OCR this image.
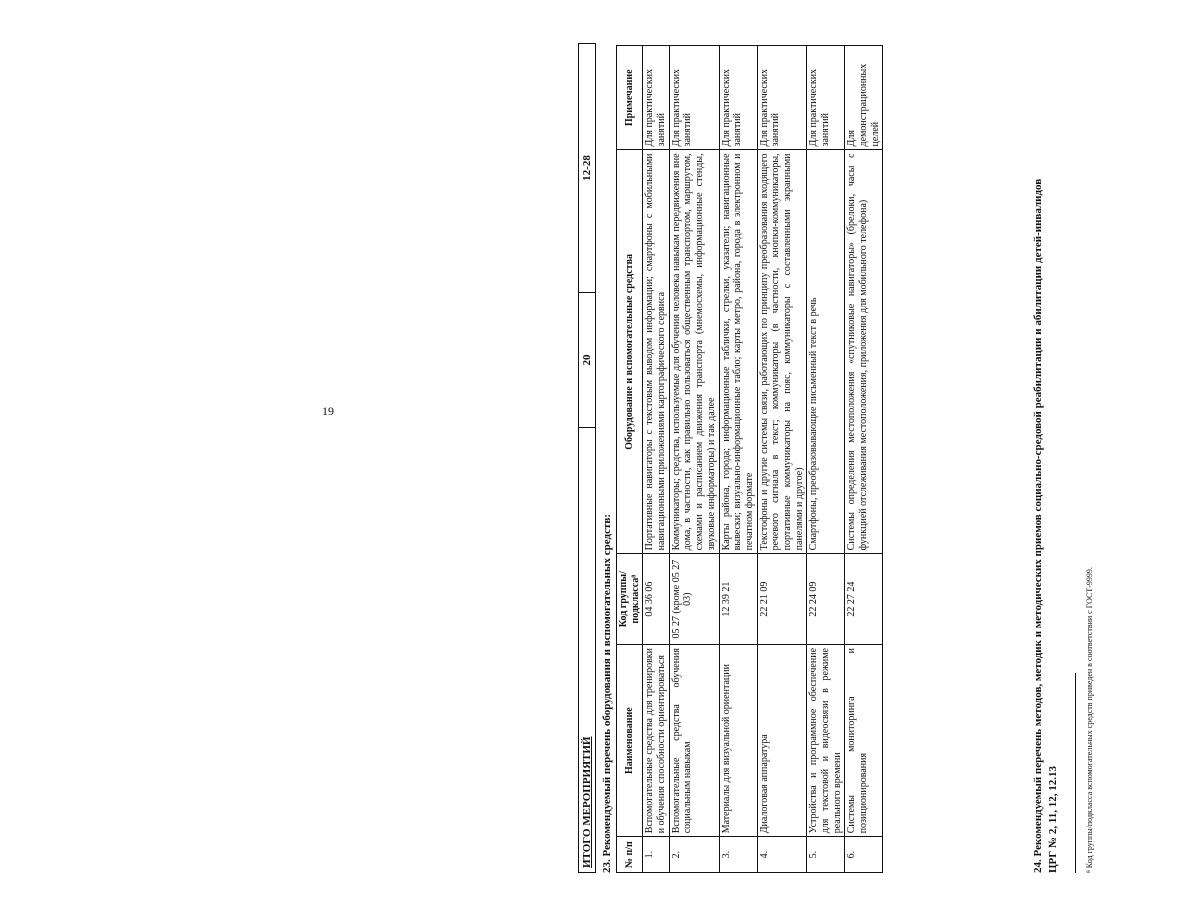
19
ИТОГО МЕРОПРИЯТИЙ	20	12-28
23. Рекомендуемый перечень оборудования и вспомогательных средств: № п/п	Наименование	Код группы/ подкласса⁸	Оборудование и вспомогательные средства	Примечание
1.	Вспомогательные средства для тренировки и обучения способности ориентироваться	04 36 06	Портативные навигаторы с текстовым выводом информации; смартфоны с мобильными навигационными приложениями картографического сервиса	Для практических занятий
2.	Вспомогательные средства обучения социальным навыкам	05 27 (кроме 05 27 03)	Коммуникаторы; средства, используемые для обучения человека навыкам передвижения вне дома, в частности, как правильно пользоваться общественным транспортом, маршрутом, схемами и расписанием движения транспорта (мнемосхемы, информационные стенды, звуковые информаторы) и так далее	Для практических занятий
3.	Материалы для визуальной ориентации	12 39 21	Карты района, города; информационные таблички, стрелки, указатели; навигационные вывески; визуально-информационные табло; карты метро, района, города в электронном и печатном формате	Для практических занятий
4.	Диалоговая аппаратура	22 21 09	Текстофоны и другие системы связи, работающих по принципу преобразования входящего речевого сигнала в текст; коммуникаторы (в частности, кнопки-коммуникаторы, портативные коммуникаторы на пояс, коммуникаторы с составленными экранными панелями и другое)	Для практических занятий
5.	Устройства и программное обеспечение для текстовой и видеосвязи в режиме реального времени	22 24 09	Смартфоны, преобразовывающие письменный текст в речь	Для практических занятий
6.	Системы мониторинга и позиционирования	22 27 24	Системы определения местоположения «спутниковые навигаторы» (брелоки, часы с функцией отслеживания местоположения, приложения для мобильного телефона)	Для демонстрационных целей
24. Рекомендуемый перечень методов, методик и методических приемов социально-средовой реабилитации и абилитации детей-инвалидов ЦРГ № 2, 11, 12, 12.13	⁸ Код группы/подкласса вспомогательных средств приведен в соответствии с ГОСТ-9999.
